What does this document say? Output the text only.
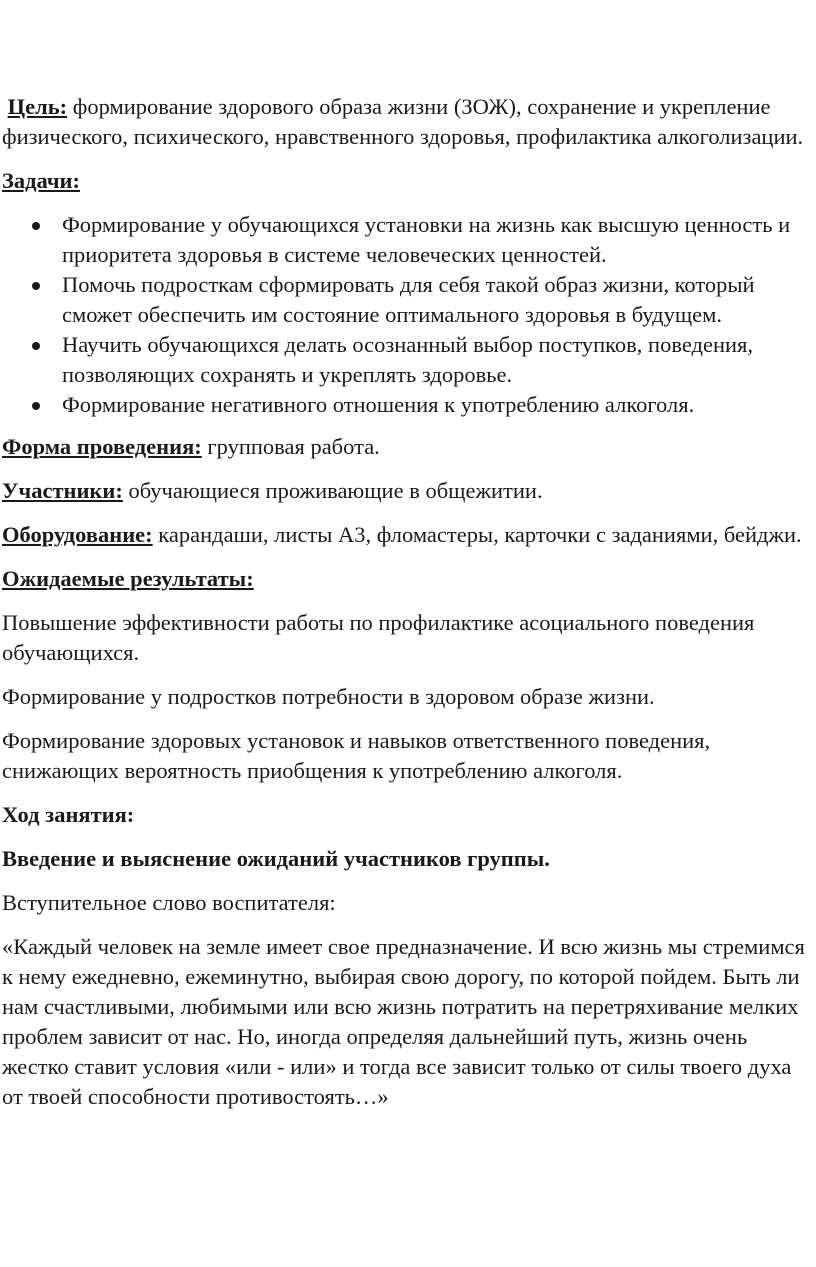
Цель: формирование здорового образа жизни (ЗОЖ), сохранение и укрепление физического, психического, нравственного здоровья, профилактика алкоголизации.

Задачи:

Формирование у обучающихся установки на жизнь как высшую ценность и приоритета здоровья в системе человеческих ценностей.
Помочь подросткам сформировать для себя такой образ жизни, который сможет обеспечить им состояние оптимального здоровья в будущем.
Научить обучающихся делать осознанный выбор поступков, поведения, позволяющих сохранять и укреплять здоровье.
Формирование негативного отношения к употреблению алкоголя.

Форма проведения: групповая работа.

Участники: обучающиеся проживающие в общежитии.

Оборудование: карандаши, листы А3, фломастеры, карточки с заданиями, бейджи.

Ожидаемые результаты:

Повышение эффективности работы по профилактике асоциального поведения обучающихся.

Формирование у подростков потребности в здоровом образе жизни.

Формирование здоровых установок и навыков ответственного поведения, снижающих вероятность приобщения к употреблению алкоголя.

Ход занятия:

Введение и выяснение ожиданий участников группы.

Вступительное слово воспитателя:

«Каждый человек на земле имеет свое предназначение. И всю жизнь мы стремимся к нему ежедневно, ежеминутно, выбирая свою дорогу, по которой пойдем. Быть ли нам счастливыми, любимыми или всю жизнь потратить на перетряхивание мелких проблем зависит от нас. Но, иногда определяя дальнейший путь, жизнь очень жестко ставит условия «или - или» и тогда все зависит только от силы твоего духа от твоей способности противостоять…»
